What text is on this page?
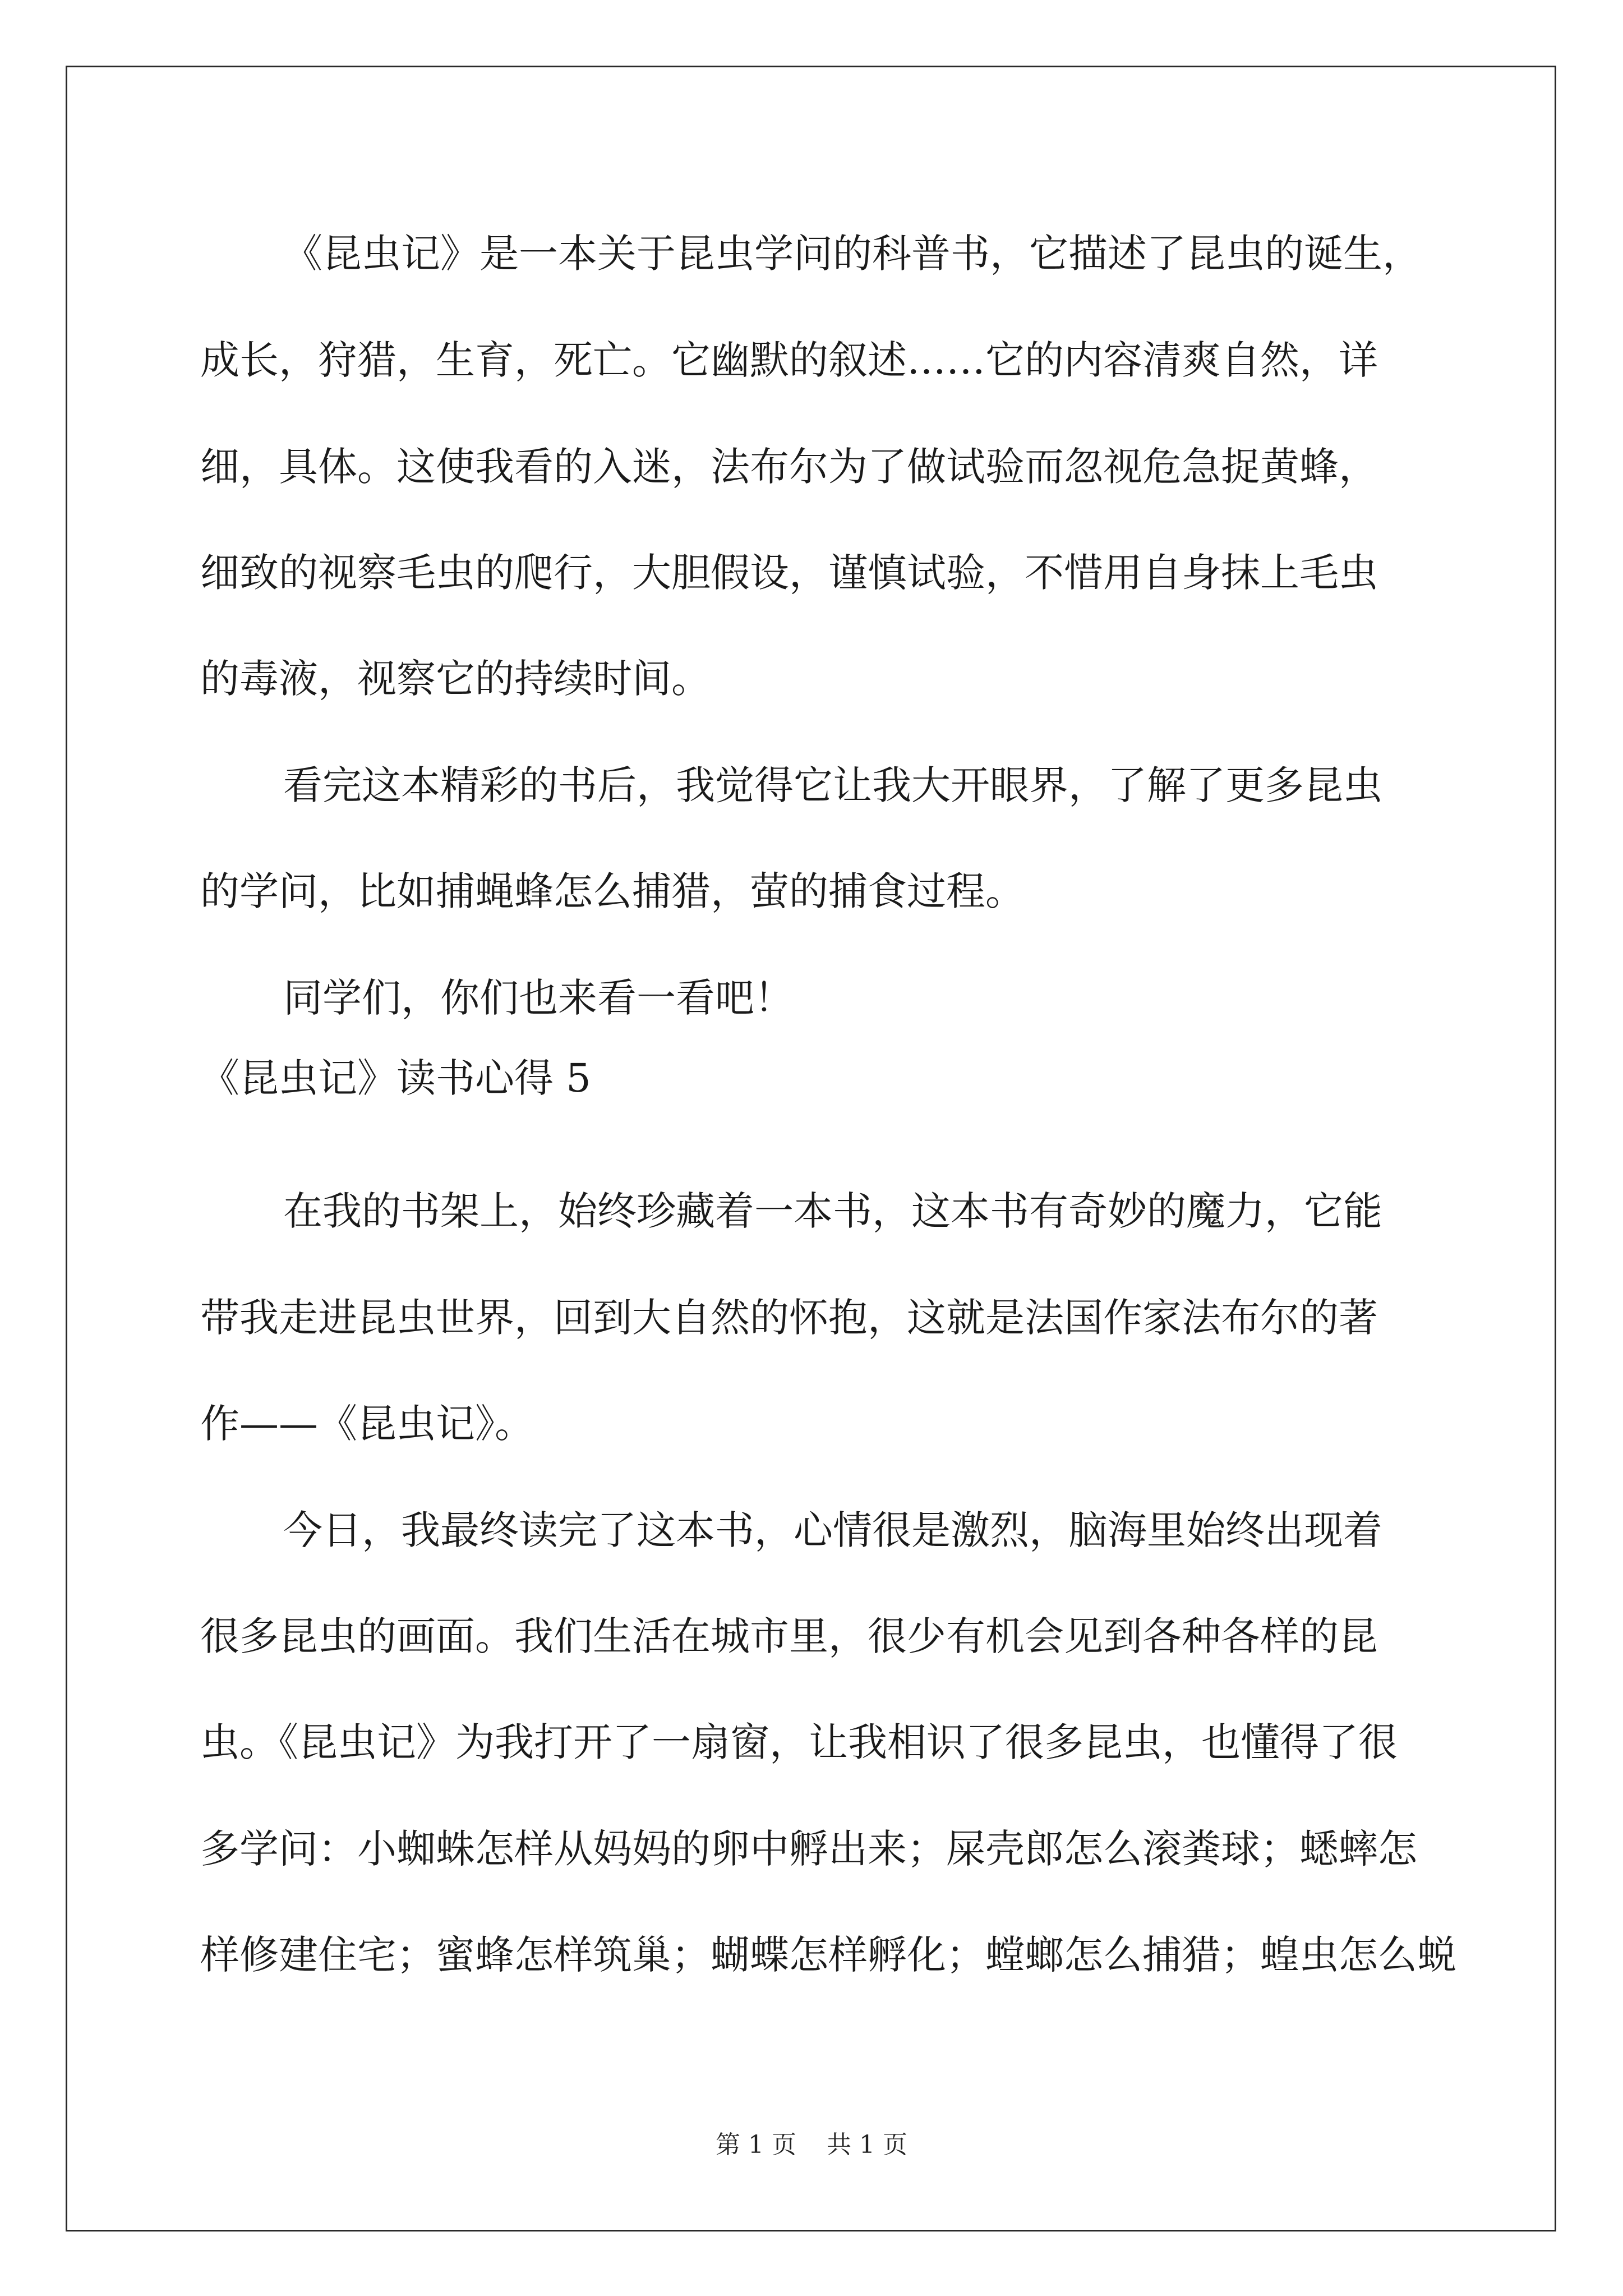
《昆虫记》是一本关于昆虫学问的科普书，它描述了昆虫的诞生，
成长，狩猎，生育，死亡。它幽默的叙述……它的内容清爽自然，详
细，具体。这使我看的入迷，法布尔为了做试验而忽视危急捉黄蜂，
细致的视察毛虫的爬行，大胆假设，谨慎试验，不惜用自身抹上毛虫
的毒液，视察它的持续时间。
看完这本精彩的书后，我觉得它让我大开眼界，了解了更多昆虫
的学问，比如捕蝇蜂怎么捕猎，萤的捕食过程。
同学们，你们也来看一看吧！
《昆虫记》读书心得 5
在我的书架上，始终珍藏着一本书，这本书有奇妙的魔力，它能
带我走进昆虫世界，回到大自然的怀抱，这就是法国作家法布尔的著
作——《昆虫记》。
今日，我最终读完了这本书，心情很是激烈，脑海里始终出现着
很多昆虫的画面。我们生活在城市里，很少有机会见到各种各样的昆
虫。《昆虫记》为我打开了一扇窗，让我相识了很多昆虫，也懂得了很
多学问：小蜘蛛怎样从妈妈的卵中孵出来；屎壳郎怎么滚粪球；蟋蟀怎
样修建住宅；蜜蜂怎样筑巢；蝴蝶怎样孵化；螳螂怎么捕猎；蝗虫怎么蜕
第 1 页 共 1 页
